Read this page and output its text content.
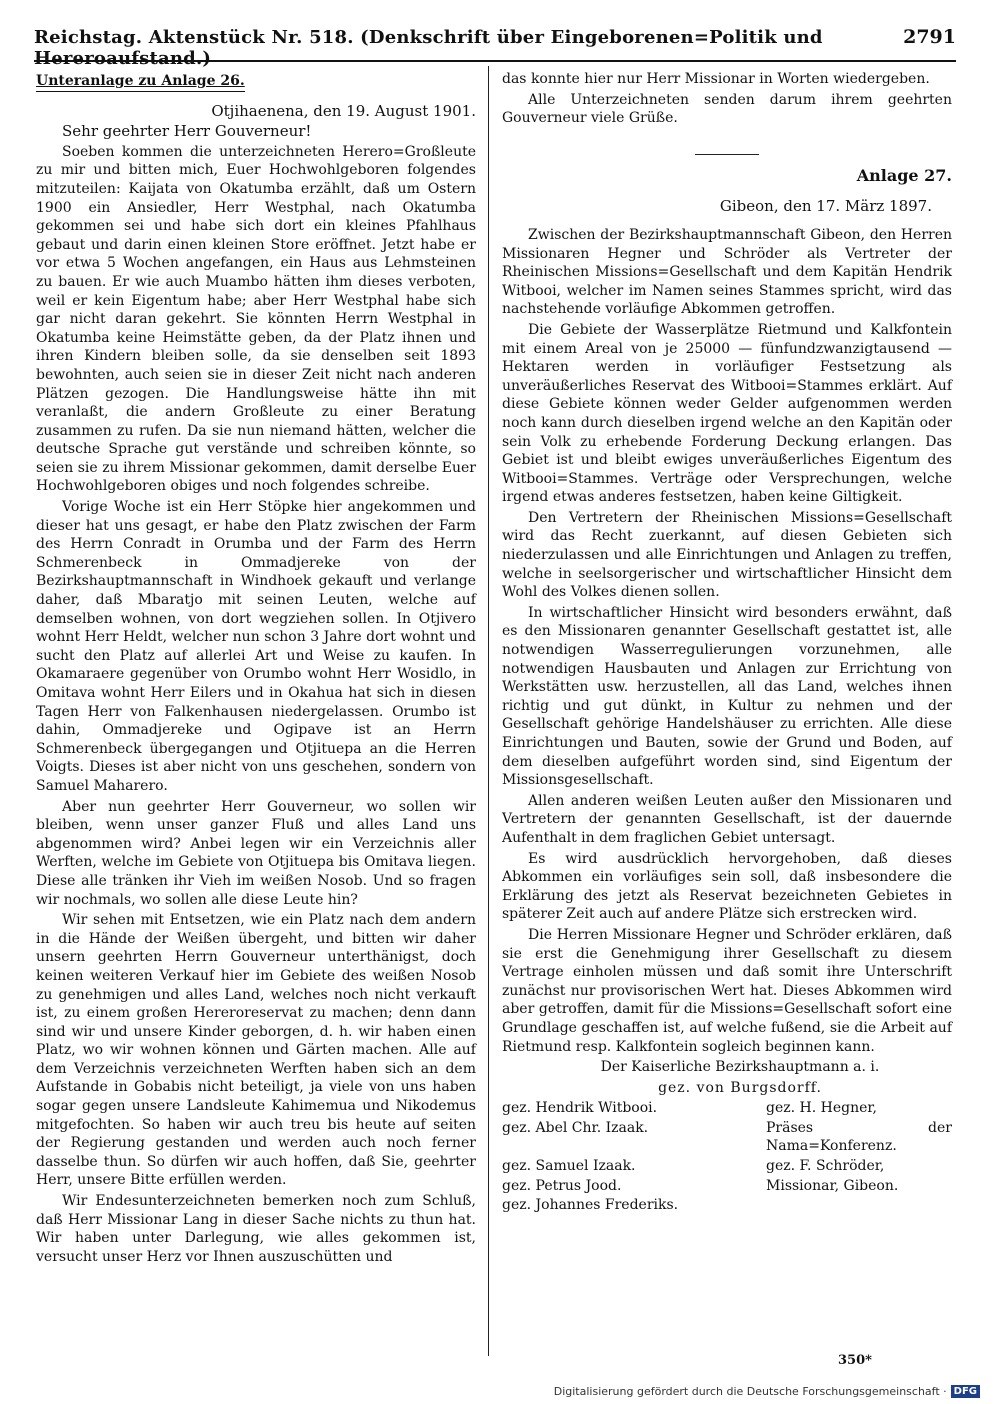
Reichstag. Aktenstück Nr. 518. (Denkschrift über Eingeborenen=Politik und Hereroaufstand.)
2791
Unteranlage zu Anlage 26.

Otjihaenena, den 19. August 1901.

Sehr geehrter Herr Gouverneur!

Soeben kommen die unterzeichneten Herero=Großleute zu mir und bitten mich, Euer Hochwohlgeboren folgendes mitzuteilen: Kaijata von Okatumba erzählt, daß um Ostern 1900 ein Ansiedler, Herr Westphal, nach Okatumba gekommen sei und habe sich dort ein kleines Pfahlhaus gebaut und darin einen kleinen Store eröffnet. Jetzt habe er vor etwa 5 Wochen angefangen, ein Haus aus Lehmsteinen zu bauen. Er wie auch Muambo hätten ihm dieses verboten, weil er kein Eigentum habe; aber Herr Westphal habe sich gar nicht daran gekehrt. Sie könnten Herrn Westphal in Okatumba keine Heimstätte geben, da der Platz ihnen und ihren Kindern bleiben solle, da sie denselben seit 1893 bewohnten, auch seien sie in dieser Zeit nicht nach anderen Plätzen gezogen. Die Handlungsweise hätte ihn mit veranlaßt, die andern Großleute zu einer Beratung zusammen zu rufen. Da sie nun niemand hätten, welcher die deutsche Sprache gut verstände und schreiben könnte, so seien sie zu ihrem Missionar gekommen, damit derselbe Euer Hochwohlgeboren obiges und noch folgendes schreibe.

Vorige Woche ist ein Herr Stöpke hier angekommen und dieser hat uns gesagt, er habe den Platz zwischen der Farm des Herrn Conradt in Orumba und der Farm des Herrn Schmerenbeck in Ommadjereke von der Bezirkshauptmannschaft in Windhoek gekauft und verlange daher, daß Mbaratjo mit seinen Leuten, welche auf demselben wohnen, von dort wegziehen sollen. In Otjivero wohnt Herr Heldt, welcher nun schon 3 Jahre dort wohnt und sucht den Platz auf allerlei Art und Weise zu kaufen. In Okamaraere gegenüber von Orumbo wohnt Herr Wosidlo, in Omitava wohnt Herr Eilers und in Okahua hat sich in diesen Tagen Herr von Falkenhausen niedergelassen. Orumbo ist dahin, Ommadjereke und Ogipave ist an Herrn Schmerenbeck übergegangen und Otjituepa an die Herren Voigts. Dieses ist aber nicht von uns geschehen, sondern von Samuel Maharero.

Aber nun geehrter Herr Gouverneur, wo sollen wir bleiben, wenn unser ganzer Fluß und alles Land uns abgenommen wird? Anbei legen wir ein Verzeichnis aller Werften, welche im Gebiete von Otjituepa bis Omitava liegen. Diese alle tränken ihr Vieh im weißen Nosob. Und so fragen wir nochmals, wo sollen alle diese Leute hin?

Wir sehen mit Entsetzen, wie ein Platz nach dem andern in die Hände der Weißen übergeht, und bitten wir daher unsern geehrten Herrn Gouverneur unterthänigst, doch keinen weiteren Verkauf hier im Gebiete des weißen Nosob zu genehmigen und alles Land, welches noch nicht verkauft ist, zu einem großen Hereroreservat zu machen; denn dann sind wir und unsere Kinder geborgen, d. h. wir haben einen Platz, wo wir wohnen können und Gärten machen. Alle auf dem Verzeichnis verzeichneten Werften haben sich an dem Aufstande in Gobabis nicht beteiligt, ja viele von uns haben sogar gegen unsere Landsleute Kahimemua und Nikodemus mitgefochten. So haben wir auch treu bis heute auf seiten der Regierung gestanden und werden auch noch ferner dasselbe thun. So dürfen wir auch hoffen, daß Sie, geehrter Herr, unsere Bitte erfüllen werden.

Wir Endesunterzeichneten bemerken noch zum Schluß, daß Herr Missionar Lang in dieser Sache nichts zu thun hat. Wir haben unter Darlegung, wie alles gekommen ist, versucht unser Herz vor Ihnen auszuschütten und

das konnte hier nur Herr Missionar in Worten wiedergeben.

Alle Unterzeichneten senden darum ihrem geehrten Gouverneur viele Grüße.

Anlage 27.
Gibeon, den 17. März 1897.

Zwischen der Bezirkshauptmannschaft Gibeon, den Herren Missionaren Hegner und Schröder als Vertreter der Rheinischen Missions=Gesellschaft und dem Kapitän Hendrik Witbooi, welcher im Namen seines Stammes spricht, wird das nachstehende vorläufige Abkommen getroffen.

Die Gebiete der Wasserplätze Rietmund und Kalkfontein mit einem Areal von je 25000 — fünfundzwanzigtausend — Hektaren werden in vorläufiger Festsetzung als unveräußerliches Reservat des Witbooi=Stammes erklärt. Auf diese Gebiete können weder Gelder aufgenommen werden noch kann durch dieselben irgend welche an den Kapitän oder sein Volk zu erhebende Forderung Deckung erlangen. Das Gebiet ist und bleibt ewiges unveräußerliches Eigentum des Witbooi=Stammes. Verträge oder Versprechungen, welche irgend etwas anderes festsetzen, haben keine Giltigkeit.

Den Vertretern der Rheinischen Missions=Gesellschaft wird das Recht zuerkannt, auf diesen Gebieten sich niederzulassen und alle Einrichtungen und Anlagen zu treffen, welche in seelsorgerischer und wirtschaftlicher Hinsicht dem Wohl des Volkes dienen sollen.

In wirtschaftlicher Hinsicht wird besonders erwähnt, daß es den Missionaren genannter Gesellschaft gestattet ist, alle notwendigen Wasserregulierungen vorzunehmen, alle notwendigen Hausbauten und Anlagen zur Errichtung von Werkstätten usw. herzustellen, all das Land, welches ihnen richtig und gut dünkt, in Kultur zu nehmen und der Gesellschaft gehörige Handelshäuser zu errichten. Alle diese Einrichtungen und Bauten, sowie der Grund und Boden, auf dem dieselben aufgeführt worden sind, sind Eigentum der Missionsgesellschaft.

Allen anderen weißen Leuten außer den Missionaren und Vertretern der genannten Gesellschaft, ist der dauernde Aufenthalt in dem fraglichen Gebiet untersagt.

Es wird ausdrücklich hervorgehoben, daß dieses Abkommen ein vorläufiges sein soll, daß insbesondere die Erklärung des jetzt als Reservat bezeichneten Gebietes in späterer Zeit auch auf andere Plätze sich erstrecken wird.

Die Herren Missionare Hegner und Schröder erklären, daß sie erst die Genehmigung ihrer Gesellschaft zu diesem Vertrage einholen müssen und daß somit ihre Unterschrift zunächst nur provisorischen Wert hat. Dieses Abkommen wird aber getroffen, damit für die Missions=Gesellschaft sofort eine Grundlage geschaffen ist, auf welche fußend, sie die Arbeit auf Rietmund resp. Kalkfontein sogleich beginnen kann.

Der Kaiserliche Bezirkshauptmann a. i.

gez. von Burgsdorff.

gez. Hendrik Witbooi.	gez. H. Hegner,
gez. Abel Chr. Izaak.	Präses der Nama=Konferenz.
gez. Samuel Izaak.	gez. F. Schröder,
gez. Petrus Jood.	Missionar, Gibeon.
gez. Johannes Frederiks.
350*
Digitalisierung gefördert durch die Deutsche Forschungsgemeinschaft · DFG
